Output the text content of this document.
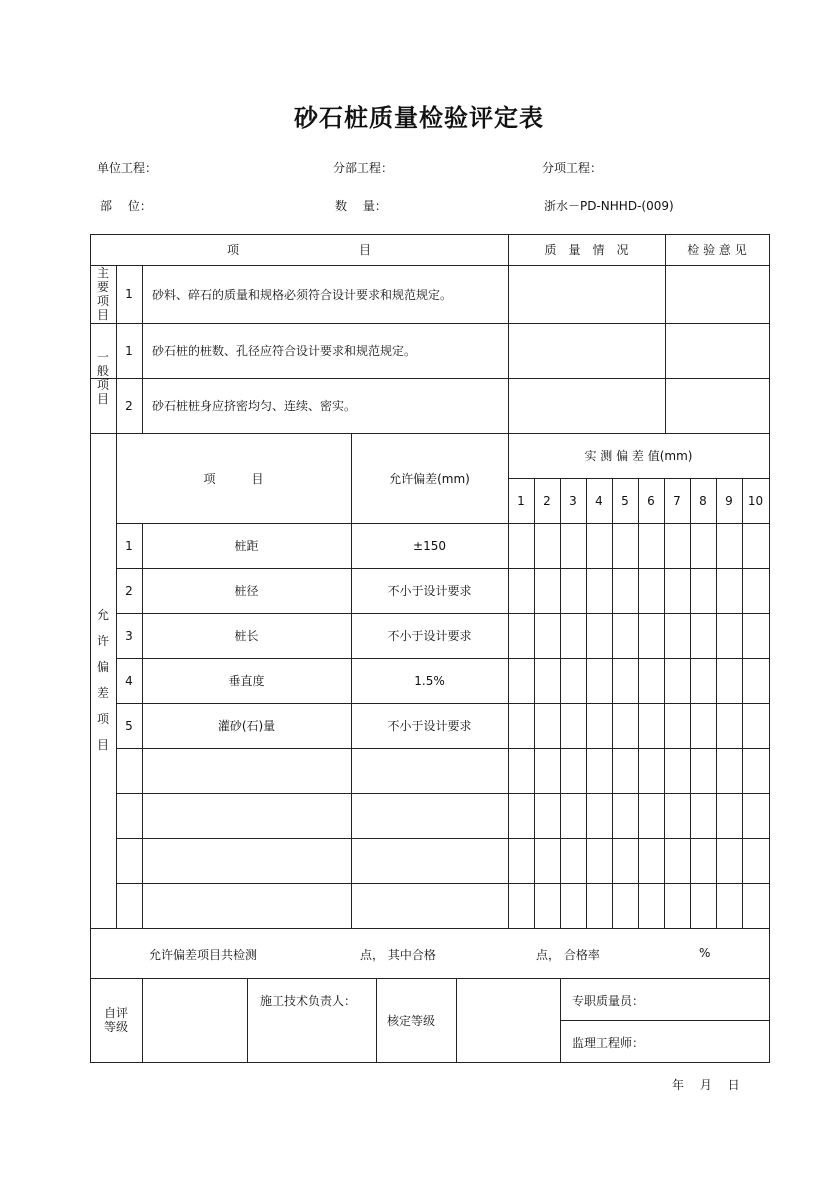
砂石桩质量检验评定表
单位工程：	分部工程：	分项工程：
部　 位：	数　 量：	浙水－PD-NHHD-(009)
项　　　　　　　　　　目	质　量　情　况	检 验 意 见
主
要
项
目
1	砂料、碎石的质量和规格必须符合设计要求和规范规定。
一
般
项
目
1	砂石桩的桩数、孔径应符合设计要求和规范规定。
2	砂石桩桩身应挤密均匀、连续、密实。
允
许
偏
差
项
目
项　　　目	允许偏差(mm)
实 测 偏 差 值(mm)
1	2	3	4	5	6	7	8	9	10
1	桩距	±150
2	桩径	不小于设计要求
3	桩长	不小于设计要求
4	垂直度	1.5%
5	灌砂(石)量	不小于设计要求
允许偏差项目共检测	点， 其中合格	点， 合格率	%
自评
等级
施工技术负责人：
核定等级
专职质量员：
监理工程师：
年　 月　 日
